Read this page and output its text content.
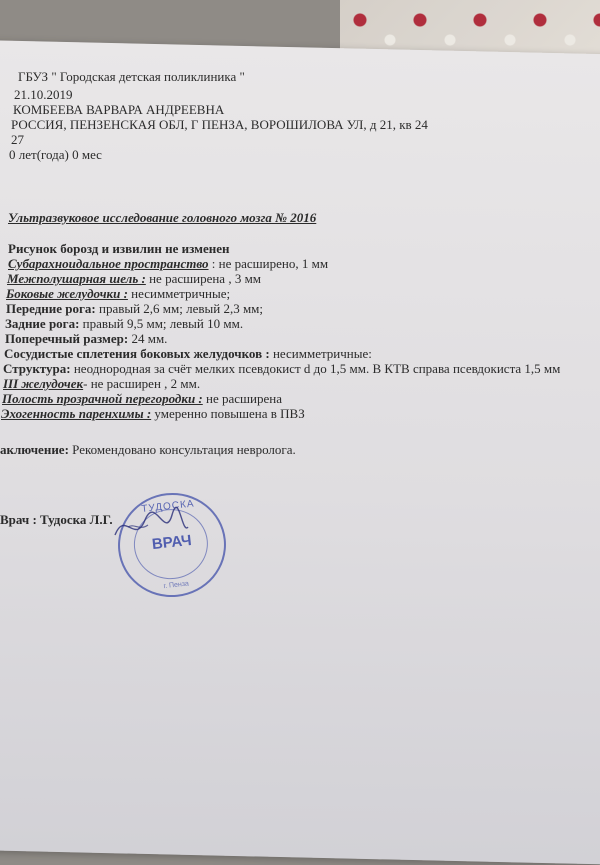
ГБУЗ " Городская детская поликлиника "
21.10.2019
КОМБЕЕВА ВАРВАРА АНДРЕЕВНА
РОССИЯ, ПЕНЗЕНСКАЯ ОБЛ, Г ПЕНЗА, ВОРОШИЛОВА УЛ, д 21, кв 24
27
0 лет(года) 0 мес
Ультразвуковое исследование головного мозга № 2016
Рисунок борозд и извилин не изменен
Субарахноидальное пространство : не расширено, 1 мм
Межполушарная шель : не расширена , 3 мм
Боковые желудочки : несимметричные;
Передние рога: правый 2,6 мм; левый 2,3 мм;
Задние рога: правый 9,5 мм; левый 10 мм.
Поперечный размер: 24 мм.
Сосудистые сплетения боковых желудочков : несимметричные:
Структура: неоднородная за счёт мелких псевдокист d до 1,5 мм. В КТВ справа псевдокиста 1,5 мм
III желудочек- не расширен , 2 мм.
Полость прозрачной перегородки : не расширена
Эхогенность паренхимы : умеренно повышена в ПВЗ
аключение: Рекомендовано консультация невролога.
Врач : Тудоска Л.Г.
ТУДОСКА
ВРАЧ
г. Пенза
